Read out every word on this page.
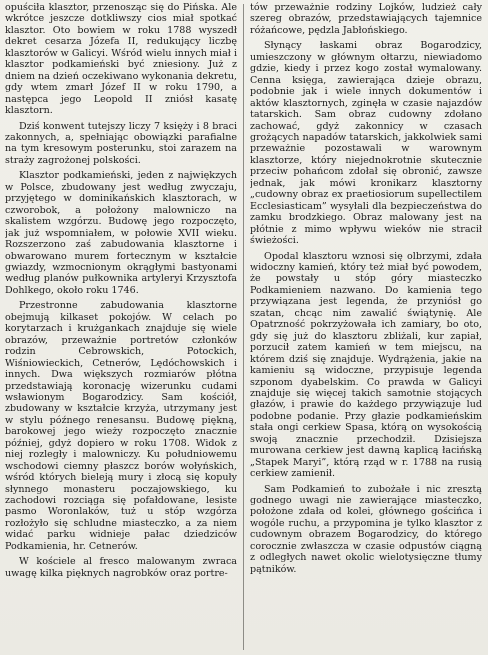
opuściła klasztor, przenosząc się do Pińska. Ale wkrótce jeszcze dotkliwszy cios miał spotkać klasztor. Oto bowiem w roku 1788 wyszedł dekret cesarza Józefa II, redukujący liczbę klasztorów w Galicyi. Wśród wielu innych miał i klasztor podkamieński być zniesiony. Już z dniem na dzień oczekiwano wykonania dekretu, gdy wtem zmarł Józef II w roku 1790, a następca jego Leopold II zniósł kasatę klasztorn.

Dziś konwent tutejszy liczy 7 księży i 8 braci zakonnych, a, spełniając obowiązki parafialne na tym kresowym posterunku, stoi zarazem na straży zagrożonej polskości.

Klasztor podkamieński, jeden z najwiękzych w Polsce, zbudowany jest według zwyczaju, przyjętego w dominikańskich klasztorach, w czworobok, a położony malowniczo na skalistem wzgórzu. Budowę jego rozpoczęto, jak już wspomniałem, w połowie XVII wieku. Rozszerzono zaś zabudowania klasztorne i obwarowano murem fortecznym w kształcie gwiazdy, wzmocnionym okrągłymi bastyonami według planów pułkownika artyleryi Krzysztofa Dohlkego, około roku 1746.

Przestronne zabudowania klasztorne obejmują kilkaset pokojów. W celach po korytarzach i krużgankach znajduje się wiele obrazów, przeważnie portretów członków rodzin Cebrowskich, Potockich, Wiśniowieckich, Cetnerów, Lędóchowskich i innych. Dwa większych rozmiarów płótna przedstawiają koronację wizerunku cudami wsławionym Bogarodzicy. Sam kościół, zbudowany w kształcie krzyża, utrzymany jest w stylu późnego renesansu. Budowę piękną, barokowej jego wieży rozpoczęto znacznie później, gdyż dopiero w roku 1708. Widok z niej rozległy i malowniczy. Ku południowemu wschodowi ciemny płaszcz borów wołyńskich, wśród których bieleją mury i złocą się kopuły słynnego monasteru poczajowskiego, ku zachodowi rozciąga się pofałdowane, lesiste pasmo Woronlaków, tuż u stóp wzgórza rozłożyło się schludne miasteczko, a za niem widać parku widnieje pałac dziedziców Podkamienia, hr. Cetnerów.

W kościele al fresco malowanym zwraca uwagę kilka pięknych nagrobków oraz portre-

tów przeważnie rodziny Lojków, ludzież cały szereg obrazów, przedstawiających tajemnice różańcowe, pędzla Jabłońskiego.

Słynący łaskami obraz Bogarodzicy, umieszczony w głównym ołtarzu, niewiadomo gdzie, kiedy i przez kogo został wymalowany. Cenna księga, zawierająca dzieje obrazu, podobnie jak i wiele innych dokumentów i aktów klasztornych, zginęła w czasie najazdów tatarskich. Sam obraz cudowny zdołano zachować, gdyż zakonnicy w czasach grożących napadów tatarskich, jakkolwiek sami przeważnie pozostawali w warownym klasztorze, który niejednokrotnie skutecznie przeciw pohańcom zdołał się obronić, zawsze jednak, jak mówi kronikarz klasztorny „cudowny obraz ex praetiosiorum supellectilem Ecclesiasticam” wysyłali dla bezpieczeństwa do zamku brodzkiego. Obraz malowany jest na płótnie z mimo wpływu wieków nie stracił świeżości.

Opodal klasztoru wznosi się olbrzymi, zdała widoczny kamień, który też miał być powodem, że powstały u stóp góry miasteczko Podkamieniem nazwano. Do kamienia tego przywiązana jest legenda, że przyniósł go szatan, chcąc nim zawalić świątynię. Ale Opatrzność pokrzyżowała ich zamiary, bo oto, gdy się już do klasztoru zbliżali, kur zapiał, porzucił zatem kamień w tem miejscu, na którem dziś się znajduje. Wydrążenia, jakie na kamieniu są widoczne, przypisuje legenda szponom dyabelskim. Co prawda w Galicyi znajduje się więcej takich samotnie stojących głazów, i prawie do każdego przywiązuje lud podobne podanie. Przy głazie podkamieńskim stała ongi cerkiew Spasa, którą on wysokością swoją znacznie przechodził. Dzisiejsza murowana cerkiew jest dawną kaplicą łacińską „Stapek Maryi”, którą rząd w r. 1788 na rusią cerkiew zamienił.

Sam Podkamień to zubożałe i nic zresztą godnego uwagi nie zawierające miasteczko, położone zdała od kolei, głównego gościńca i wogóle ruchu, a przypomina je tylko klasztor z cudownym obrazem Bogarodzicy, do którego corocznie zwłaszcza w czasie odpustów ciągną z odległych nawet okolic wielotysięczne tłumy pątników.
